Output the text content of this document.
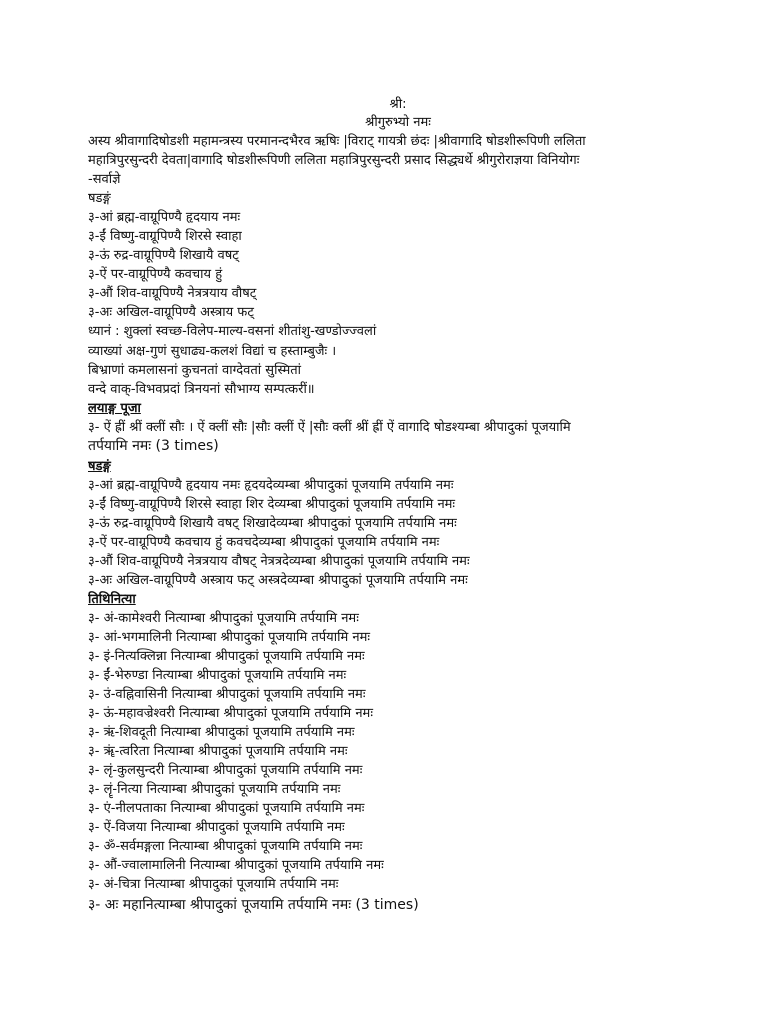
श्री:
श्रीगुरुभ्यो नमः
अस्य श्रीवागादिषोडशी महामन्त्रस्य परमानन्दभैरव ऋषिः |विराट् गायत्री छंदः |श्रीवागादि षोडशीरूपिणी ललिता
महात्रिपुरसुन्दरी देवता|वागादि षोडशीरूपिणी ललिता महात्रिपुरसुन्दरी प्रसाद सिद्ध्यर्थे श्रीगुरोराज्ञया विनियोगः
-सर्वाज्ञे
षडङ्गं
३-आं ब्रह्म-वाग्रूपिण्यै हृदयाय नमः
३-ईं विष्णु-वाग्रूपिण्यै शिरसे स्वाहा
३-ऊं रुद्र-वाग्रूपिण्यै शिखायै वषट्
३-ऐं पर-वाग्रूपिण्यै कवचाय हुं
३-औं शिव-वाग्रूपिण्यै नेत्रत्रयाय वौषट्
३-अः अखिल-वाग्रूपिण्यै अस्त्राय फट्
ध्यानं : शुक्लां स्वच्छ-विलेप-माल्य-वसनां शीतांशु-खण्डोज्ज्वलां
व्याख्यां अक्ष-गुणं सुधाढ्य-कलशं विद्यां च हस्ताम्बुजैः ।
बिभ्राणां कमलासनां कुचनतां वाग्देवतां सुस्मितां
वन्दे वाक्-विभवप्रदां त्रिनयनां सौभाग्य सम्पत्करीं॥
लयाङ्ग पूजा
३- ऐं ह्रीं श्रीं क्लीं सौः । ऐं क्लीं सौः |सौः क्लीं ऐं |सौः क्लीं श्रीं ह्रीं ऐं वागादि षोडश्यम्बा श्रीपादुकां पूजयामि
तर्पयामि नमः (3 times)
षडङ्गं
३-आं ब्रह्म-वाग्रूपिण्यै हृदयाय नमः हृदयदेव्यम्बा श्रीपादुकां पूजयामि तर्पयामि नमः
३-ईं विष्णु-वाग्रूपिण्यै शिरसे स्वाहा शिर देव्यम्बा श्रीपादुकां पूजयामि तर्पयामि नमः
३-ऊं रुद्र-वाग्रूपिण्यै शिखायै वषट् शिखादेव्यम्बा श्रीपादुकां पूजयामि तर्पयामि नमः
३-ऐं पर-वाग्रूपिण्यै कवचाय हुं कवचदेव्यम्बा श्रीपादुकां पूजयामि तर्पयामि नमः
३-औं शिव-वाग्रूपिण्यै नेत्रत्रयाय वौषट् नेत्रत्रदेव्यम्बा श्रीपादुकां पूजयामि तर्पयामि नमः
३-अः अखिल-वाग्रूपिण्यै अस्त्राय फट् अस्त्रदेव्यम्बा श्रीपादुकां पूजयामि तर्पयामि नमः
तिथिनित्या
३- अं-कामेश्वरी नित्याम्बा श्रीपादुकां पूजयामि तर्पयामि नमः
३- आं-भगमालिनी नित्याम्बा श्रीपादुकां पूजयामि तर्पयामि नमः
३- इं-नित्यक्लिन्ना नित्याम्बा श्रीपादुकां पूजयामि तर्पयामि नमः
३- ईं-भेरुण्डा नित्याम्बा श्रीपादुकां पूजयामि तर्पयामि नमः
३- उं-वह्निवासिनी नित्याम्बा श्रीपादुकां पूजयामि तर्पयामि नमः
३- ऊं-महावज्रेश्वरी नित्याम्बा श्रीपादुकां पूजयामि तर्पयामि नमः
३- ऋं-शिवदूती नित्याम्बा श्रीपादुकां पूजयामि तर्पयामि नमः
३- ॠं-त्वरिता नित्याम्बा श्रीपादुकां पूजयामि तर्पयामि नमः
३- लृं-कुलसुन्दरी नित्याम्बा श्रीपादुकां पूजयामि तर्पयामि नमः
३- लॄं-नित्या नित्याम्बा श्रीपादुकां पूजयामि तर्पयामि नमः
३- एं-नीलपताका नित्याम्बा श्रीपादुकां पूजयामि तर्पयामि नमः
३- ऐं-विजया नित्याम्बा श्रीपादुकां पूजयामि तर्पयामि नमः
३- ॐ-सर्वमङ्गला नित्याम्बा श्रीपादुकां पूजयामि तर्पयामि नमः
३- औं-ज्वालामालिनी नित्याम्बा श्रीपादुकां पूजयामि तर्पयामि नमः
३- अं-चित्रा नित्याम्बा श्रीपादुकां पूजयामि तर्पयामि नमः
३- अः महानित्याम्बा श्रीपादुकां पूजयामि तर्पयामि नमः (3 times)
